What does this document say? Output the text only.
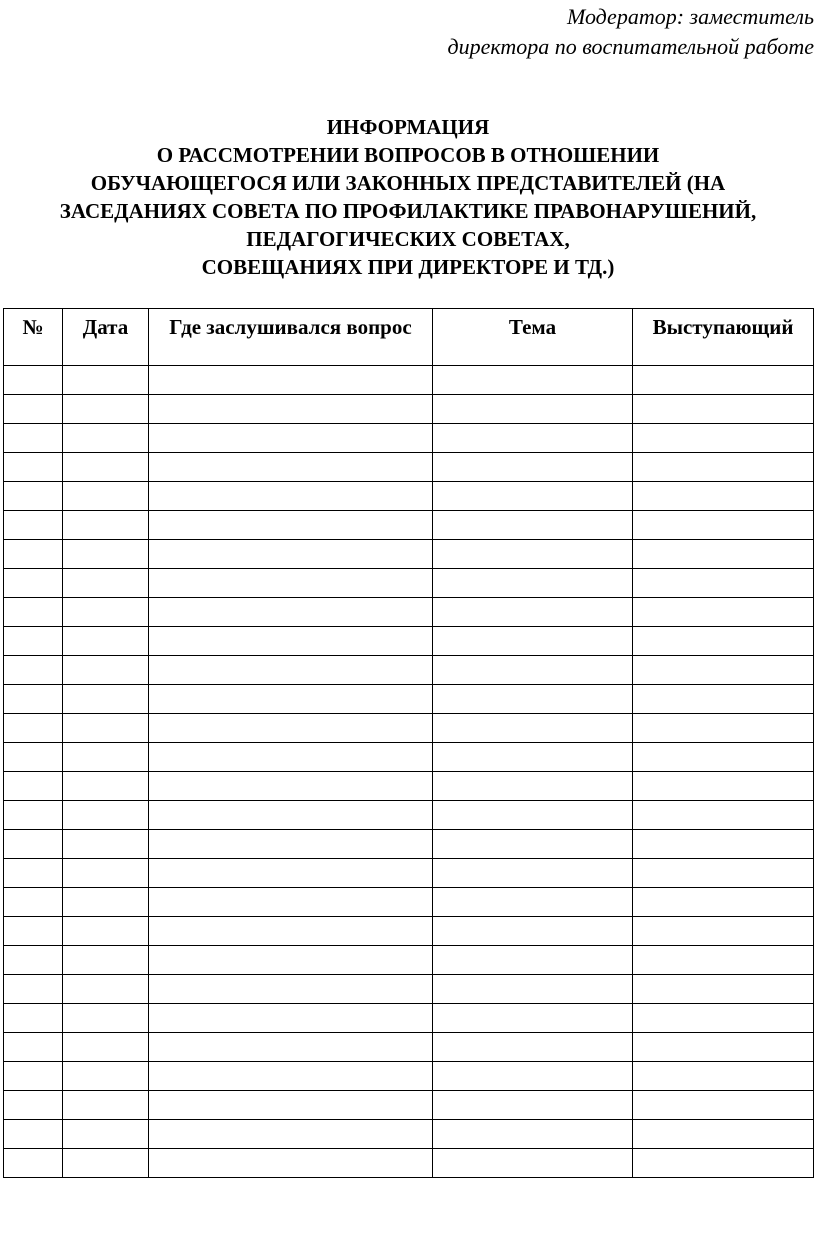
Модератор: заместитель
директора по воспитательной работе
ИНФОРМАЦИЯ
О РАССМОТРЕНИИ ВОПРОСОВ В ОТНОШЕНИИ
ОБУЧАЮЩЕГОСЯ ИЛИ ЗАКОННЫХ ПРЕДСТАВИТЕЛЕЙ (НА
ЗАСЕДАНИЯХ СОВЕТА ПО ПРОФИЛАКТИКЕ ПРАВОНАРУШЕНИЙ,
ПЕДАГОГИЧЕСКИХ СОВЕТАХ,
СОВЕЩАНИЯХ ПРИ ДИРЕКТОРЕ И ТД.)
№	Дата	Где заслушивался вопрос	Тема	Выступающий
